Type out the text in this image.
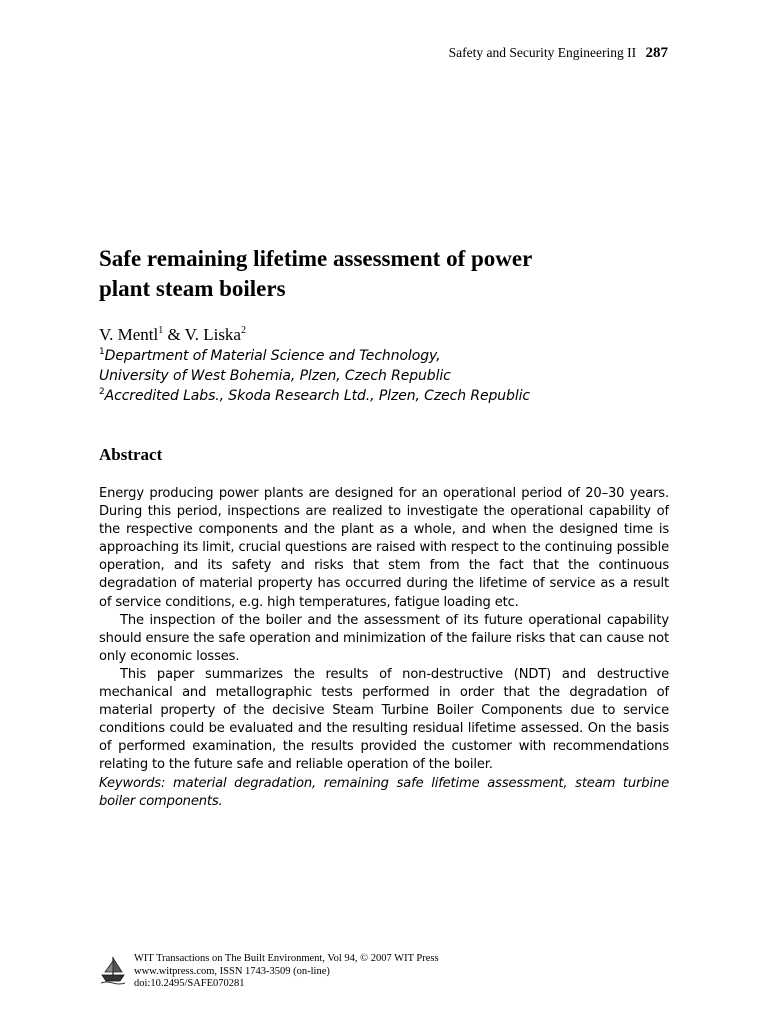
Safety and Security Engineering II 287
Safe remaining lifetime assessment of power
plant steam boilers
V. Mentl$^1$ & V. Liska$^2$
$^1$Department of Material Science and Technology,
University of West Bohemia, Plzen, Czech Republic
$^2$Accredited Labs., Skoda Research Ltd., Plzen, Czech Republic
Abstract

Energy producing power plants are designed for an operational period of 20–30 years. During this period, inspections are realized to investigate the operational capability of the respective components and the plant as a whole, and when the designed time is approaching its limit, crucial questions are raised with respect to the continuing possible operation, and its safety and risks that stem from the fact that the continuous degradation of material property has occurred during the lifetime of service as a result of service conditions, e.g. high temperatures, fatigue loading etc.

The inspection of the boiler and the assessment of its future operational capability should ensure the safe operation and minimization of the failure risks that can cause not only economic losses.

This paper summarizes the results of non-destructive (NDT) and destructive mechanical and metallographic tests performed in order that the degradation of material property of the decisive Steam Turbine Boiler Components due to service conditions could be evaluated and the resulting residual lifetime assessed. On the basis of performed examination, the results provided the customer with recommendations relating to the future safe and reliable operation of the boiler.

Keywords: material degradation, remaining safe lifetime assessment, steam turbine boiler components.

WIT Transactions on The Built Environment, Vol 94, © 2007 WIT Press
www.witpress.com, ISSN 1743-3509 (on-line)
doi:10.2495/SAFE070281
